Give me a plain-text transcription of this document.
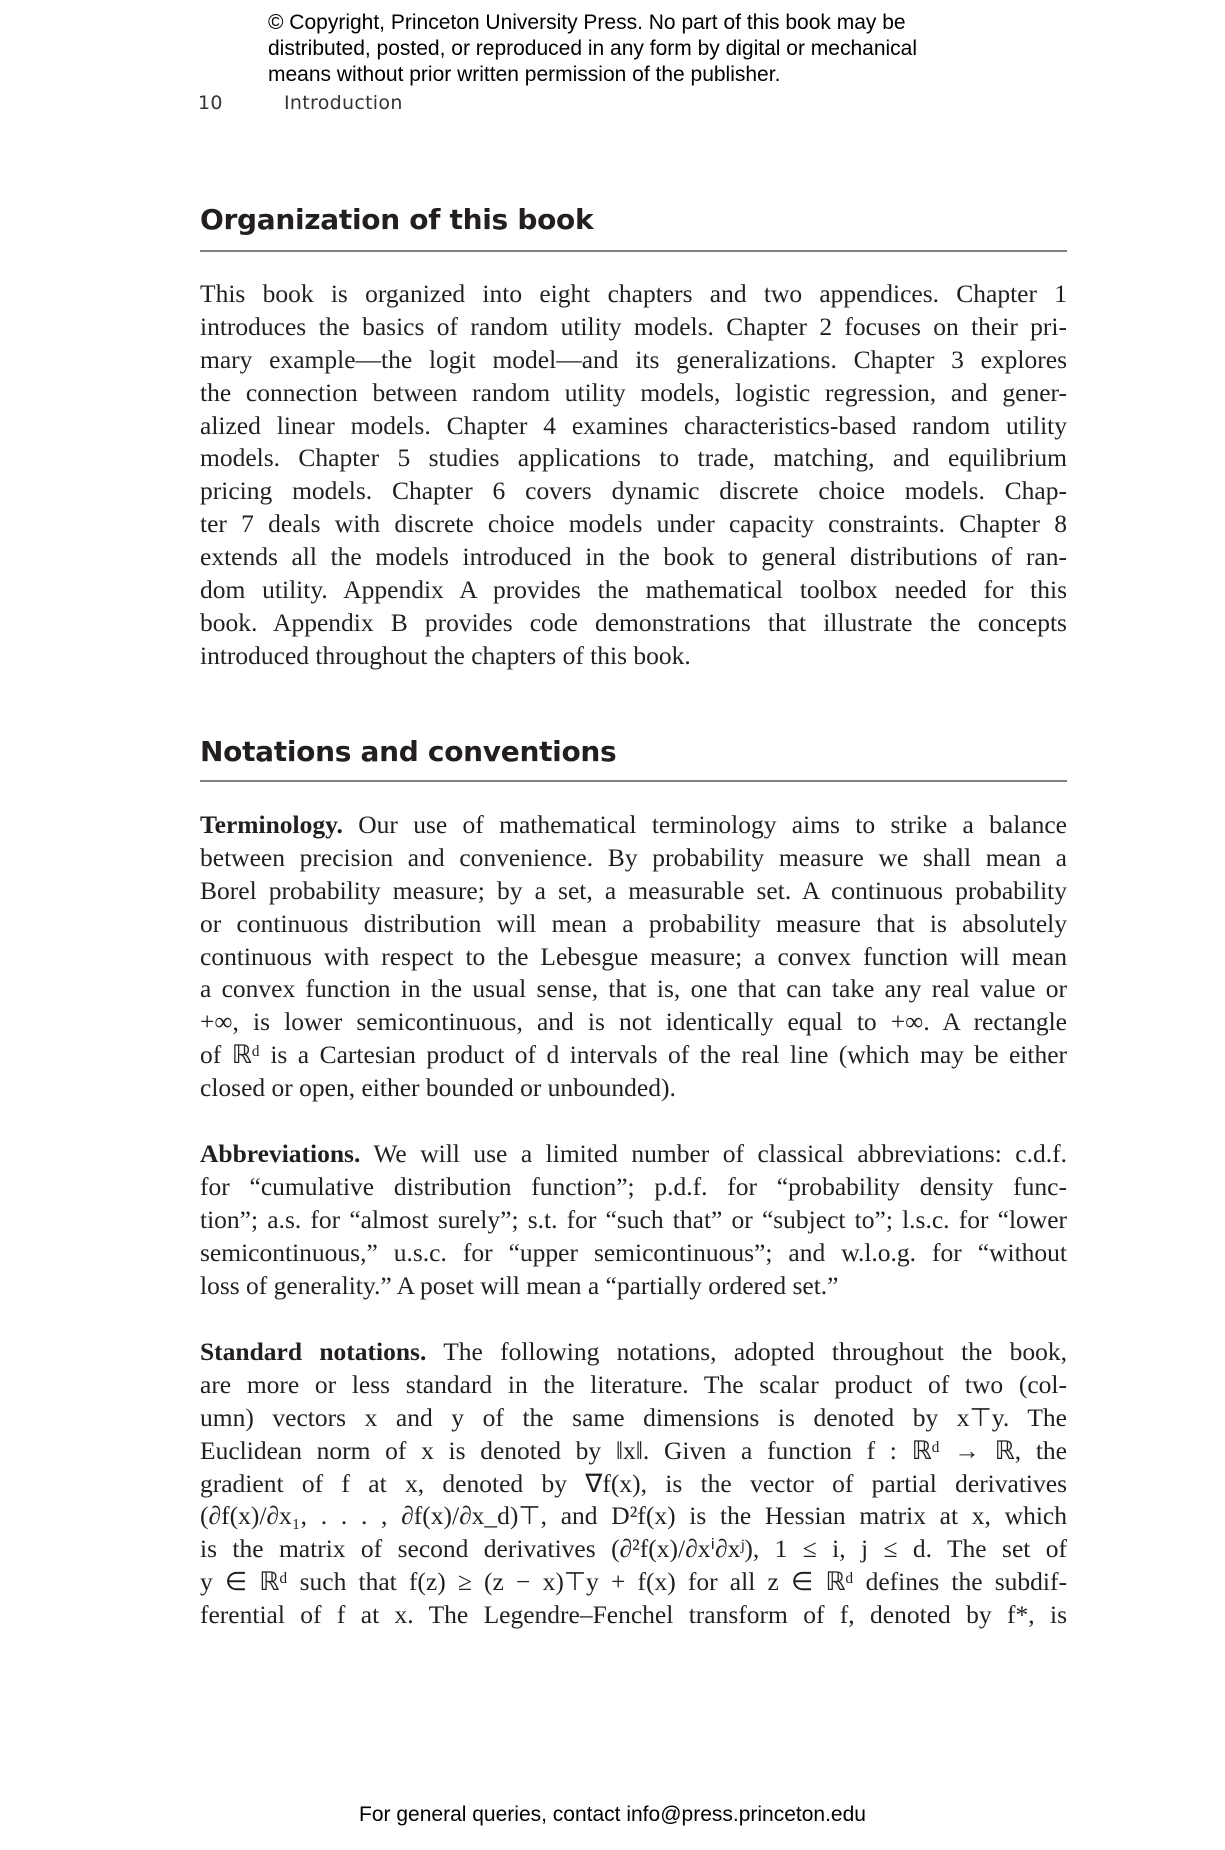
© Copyright, Princeton University Press. No part of this book may be
distributed, posted, or reproduced in any form by digital or mechanical
means without prior written permission of the publisher.
10	Introduction
Organization of this book
This book is organized into eight chapters and two appendices. Chapter 1
introduces the basics of random utility models. Chapter 2 focuses on their pri-
mary example—the logit model—and its generalizations. Chapter 3 explores
the connection between random utility models, logistic regression, and gener-
alized linear models. Chapter 4 examines characteristics-based random utility
models. Chapter 5 studies applications to trade, matching, and equilibrium
pricing models. Chapter 6 covers dynamic discrete choice models. Chap-
ter 7 deals with discrete choice models under capacity constraints. Chapter 8
extends all the models introduced in the book to general distributions of ran-
dom utility. Appendix A provides the mathematical toolbox needed for this
book. Appendix B provides code demonstrations that illustrate the concepts
introduced throughout the chapters of this book.
Notations and conventions
Terminology. Our use of mathematical terminology aims to strike a balance
between precision and convenience. By probability measure we shall mean a
Borel probability measure; by a set, a measurable set. A continuous probability
or continuous distribution will mean a probability measure that is absolutely
continuous with respect to the Lebesgue measure; a convex function will mean
a convex function in the usual sense, that is, one that can take any real value or
+∞, is lower semicontinuous, and is not identically equal to +∞. A rectangle
of ℝᵈ is a Cartesian product of d intervals of the real line (which may be either
closed or open, either bounded or unbounded).
Abbreviations. We will use a limited number of classical abbreviations: c.d.f.
for “cumulative distribution function”; p.d.f. for “probability density func-
tion”; a.s. for “almost surely”; s.t. for “such that” or “subject to”; l.s.c. for “lower
semicontinuous,” u.s.c. for “upper semicontinuous”; and w.l.o.g. for “without
loss of generality.” A poset will mean a “partially ordered set.”
Standard notations. The following notations, adopted throughout the book,
are more or less standard in the literature. The scalar product of two (col-
umn) vectors x and y of the same dimensions is denoted by x⊤y. The
Euclidean norm of x is denoted by ‖x‖. Given a function f : ℝᵈ → ℝ, the
gradient of f at x, denoted by ∇f(x), is the vector of partial derivatives
(∂f(x)/∂x₁, . . . , ∂f(x)/∂x_d)⊤, and D²f(x) is the Hessian matrix at x, which
is the matrix of second derivatives (∂²f(x)/∂xⁱ∂xʲ), 1 ≤ i, j ≤ d. The set of
y ∈ ℝᵈ such that f(z) ≥ (z − x)⊤y + f(x) for all z ∈ ℝᵈ defines the subdif-
ferential of f at x. The Legendre–Fenchel transform of f, denoted by f*, is
For general queries, contact info@press.princeton.edu
